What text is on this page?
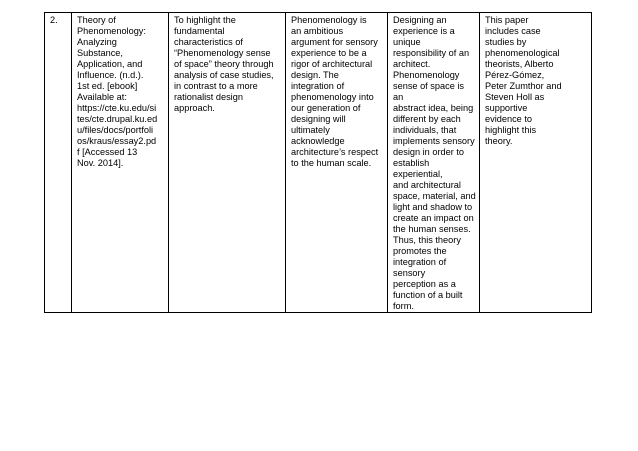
2.	Theory of
Phenomenology:
Analyzing
Substance,
Application, and
Influence. (n.d.).
1st ed. [ebook]
Available at:
https://cte.ku.edu/si
tes/cte.drupal.ku.ed
u/files/docs/portfoli
os/kraus/essay2.pd
f [Accessed 13
Nov. 2014].	To highlight the
fundamental
characteristics of
“Phenomenology sense
of space” theory through
analysis of case studies,
in contrast to a more
rationalist design
approach.	Phenomenology is
an ambitious
argument for sensory
experience to be a
rigor of architectural
design. The
integration of
phenomenology into
our generation of
designing will
ultimately
acknowledge
architecture’s respect
to the human scale.	Designing an
experience is a unique
responsibility of an
architect.
Phenomenology
sense of space is an
abstract idea, being
different by each
individuals, that
implements sensory
design in order to
establish experiential,
and architectural
space, material, and
light and shadow to
create an impact on
the human senses.
Thus, this theory
promotes the
integration of sensory
perception as a
function of a built
form.	This paper
includes case
studies by
phenomenological
theorists, Alberto
Pérez-Gómez,
Peter Zumthor and
Steven Holl as
supportive
evidence to
highlight this
theory.
